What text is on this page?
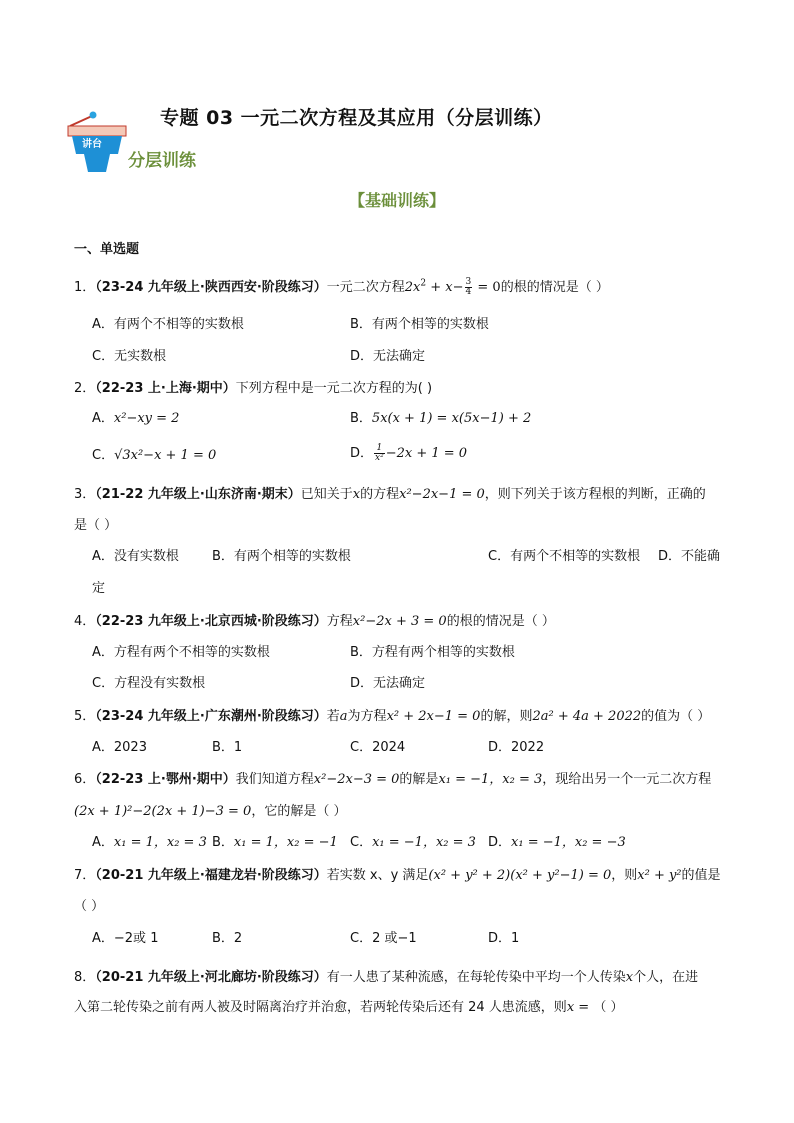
讲台
专题 03 一元二次方程及其应用（分层训练）
分层训练
【基础训练】
一、单选题
1．（23-24 九年级上·陕西西安·阶段练习）一元二次方程$2x^2 + x- \frac{3}{4} = 0$的根的情况是（ ）
A．有两个不相等的实数根	B．有两个相等的实数根
C．无实数根	D．无法确定
2．（22-23 上·上海·期中）下列方程中是一元二次方程的为( )
A．x²−xy = 2	B．5x(x + 1) = x(5x−1) + 2
C．√3x²−x + 1 = 0	D． $\frac{1}{\text{x²}} -2x + 1 = 0$
3．（21-22 九年级上·山东济南·期末）已知关于x的方程x²−2x−1 = 0，则下列关于该方程根的判断，正确的
是（ ）
A．没有实数根	B．有两个相等的实数根	C．有两个不相等的实数根 D．不能确
定
4．（22-23 九年级上·北京西城·阶段练习）方程x²−2x + 3 = 0的根的情况是（ ）
A．方程有两个不相等的实数根	B．方程有两个相等的实数根
C．方程没有实数根	D．无法确定
5．（23-24 九年级上·广东潮州·阶段练习）若a为方程x² + 2x−1 = 0的解，则2a² + 4a + 2022的值为（ ）
A．2023	B．1	C．2024	D．2022
6．（22-23 上·鄂州·期中）我们知道方程x²−2x−3 = 0的解是x₁ = −1，x₂ = 3，现给出另一个一元二次方程
(2x + 1)²−2(2x + 1)−3 = 0，它的解是（ ）
A．x₁ = 1，x₂ = 3 B．x₁ = 1，x₂ = −1 C．x₁ = −1，x₂ = 3 D．x₁ = −1，x₂ = −3
7．（20-21 九年级上·福建龙岩·阶段练习）若实数 x、y 满足(x² + y² + 2)(x² + y²−1) = 0，则x² + y²的值是
（ ）
A．−2或 1	B．2	C．2 或−1	D．1
8．（20-21 九年级上·河北廊坊·阶段练习）有一人患了某种流感，在每轮传染中平均一个人传染x个人，在进
入第二轮传染之前有两人被及时隔离治疗并治愈，若两轮传染后还有 24 人患流感，则x = （ ）
